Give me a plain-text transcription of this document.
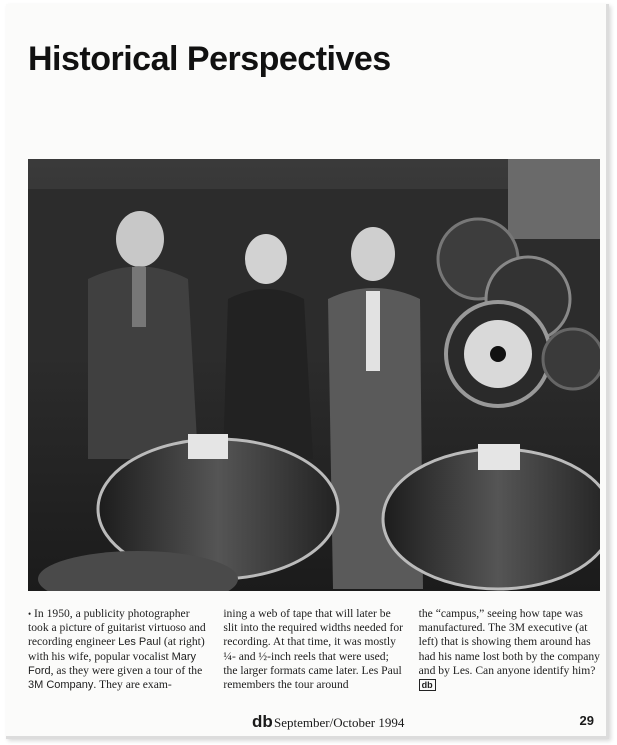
Historical Perspectives
• In 1950, a publicity photographer took a picture of guitarist virtuoso and recording engineer Les Paul (at right) with his wife, popular vocalist Mary Ford, as they were given a tour of the 3M Company. They are exam-
ining a web of tape that will later be slit into the required widths needed for recording. At that time, it was mostly ¼- and ½-inch reels that were used; the larger formats came later. Les Paul remembers the tour around
the “campus,” seeing how tape was manufactured. The 3M executive (at left) that is showing them around has had his name lost both by the company and by Les. Can anyone identify him? db
db September/October 1994	29
